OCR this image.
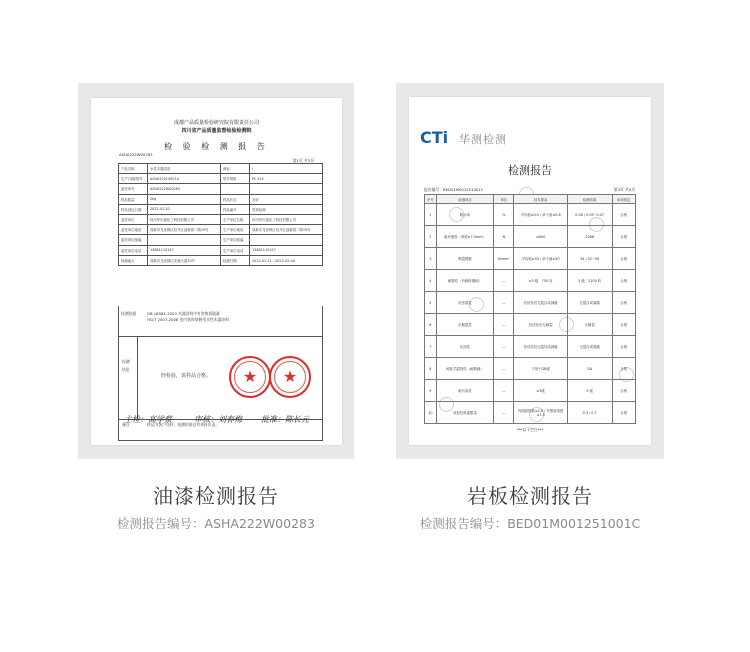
成都产品质量检验研究院有限责任公司
四川省产品质量监督检验检测院
检 验 检 测 报 告
ASHA222W00283
第1页 共3页
产品名称	水性木器清漆	商标	/
生产日期/批号	ASHA220100014	型号规格	PC-Y24
委托单号	ASHA222W00283		
样品数量	2kg	样品状态	完好
样品到达日期	2022-01-20	样品编号	常规检测
委托单位	四川华川嘉化工科技有限公司	生产单位名称	四川华川嘉化工科技有限公司
委托单位地址	成都市龙泉驿区经开区创新园二路19号	生产单位地址	成都市龙泉驿区经开区创新园二路19号
委托单位邮编		生产单位邮编	
委托单位电话	13881110197	生产单位电话	13881110197
检测地点	成都市龙泉驿区芙蓉大道10号	检测日期	2022-01-21～2022-02-04
检测依据	GB 18581-2020 木器涂料中有害物质限量
HG/T 2007-2008 室内装饰装修用水性木器涂料
检测结论
经检验，该样品合格。	★	★
备注	样品为客户送样，检测结果仅对来样负责。
主检：高学蔡	审核：刘春梅 批准：陈长元
CTi 华测检测
检测报告
报告编号：BED01M001251001C	第3页 共4页
序号	检测项目	单位	技术要求	检测结果	单项判定
1	吸水率	%	平均值≤0.5 / 单个值≤0.6	0.08 / 0.05~0.07	合格
2	破坏强度（厚度≥7.5mm）	N	≥800	1068	合格
3	断裂模数	N/mm²	平均值≥45 / 单个值≥40	54 / 52~56	合格
4	耐磨性（有釉砖磨耗）	—	≥3 级，750 转	3 级，2100 转	合格
5	抗热震性	—	经试验后无裂纹或剥落	无裂纹或剥落	合格
6	抗釉裂性	—	经试验后无釉裂	无釉裂	合格
7	抗冻性	—	经试验后无裂纹或剥落	无裂纹或剥落	合格
8	耐化学腐蚀性（耐酸碱）	—	不低于GB级	GA	合格
9	耐污染性	—	≥3级	5 级	合格
10	放射性核素限量	—	内照射指数≤1.0 / 外照射指数≤1.3	0.3 / 0.7	合格
***以下空白***
油漆检测报告
检测报告编号：ASHA222W00283
岩板检测报告
检测报告编号：BED01M001251001C
